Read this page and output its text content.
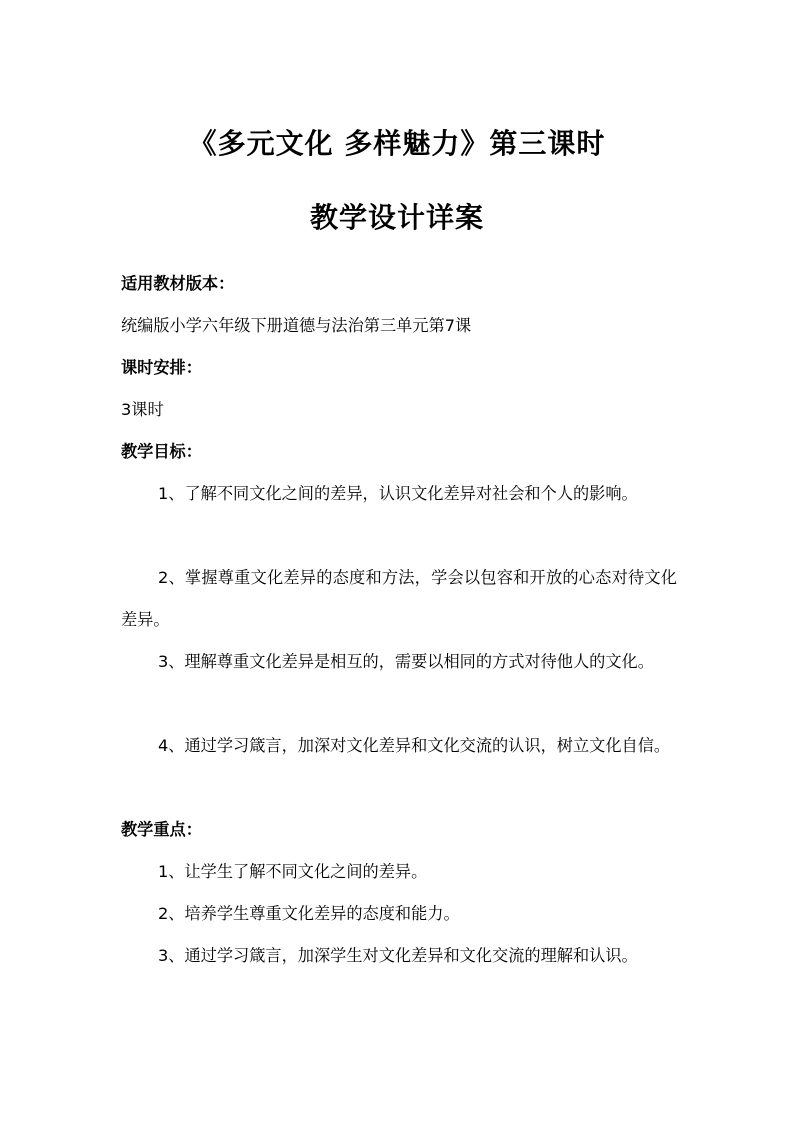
《多元文化 多样魅力》第三课时
教学设计详案
适用教材版本：
统编版小学六年级下册道德与法治第三单元第7课
课时安排：
3课时
教学目标：
1、了解不同文化之间的差异，认识文化差异对社会和个人的影响。
2、掌握尊重文化差异的态度和方法，学会以包容和开放的心态对待文化差异。
3、理解尊重文化差异是相互的，需要以相同的方式对待他人的文化。
4、通过学习箴言，加深对文化差异和文化交流的认识，树立文化自信。
教学重点：
1、让学生了解不同文化之间的差异。
2、培养学生尊重文化差异的态度和能力。
3、通过学习箴言，加深学生对文化差异和文化交流的理解和认识。
